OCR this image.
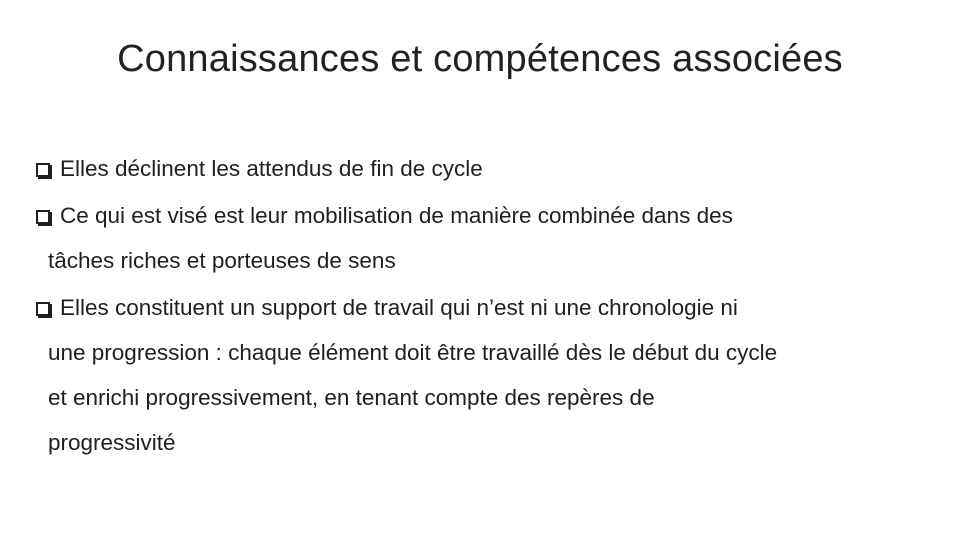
Connaissances et compétences associées
Elles déclinent les attendus de fin de cycle
Ce qui est visé est leur mobilisation de manière combinée dans des
tâches riches et porteuses de sens
Elles constituent un support de travail qui n’est ni une chronologie ni
une progression : chaque élément doit être travaillé dès le début du cycle
et enrichi progressivement, en tenant compte des repères de
progressivité
